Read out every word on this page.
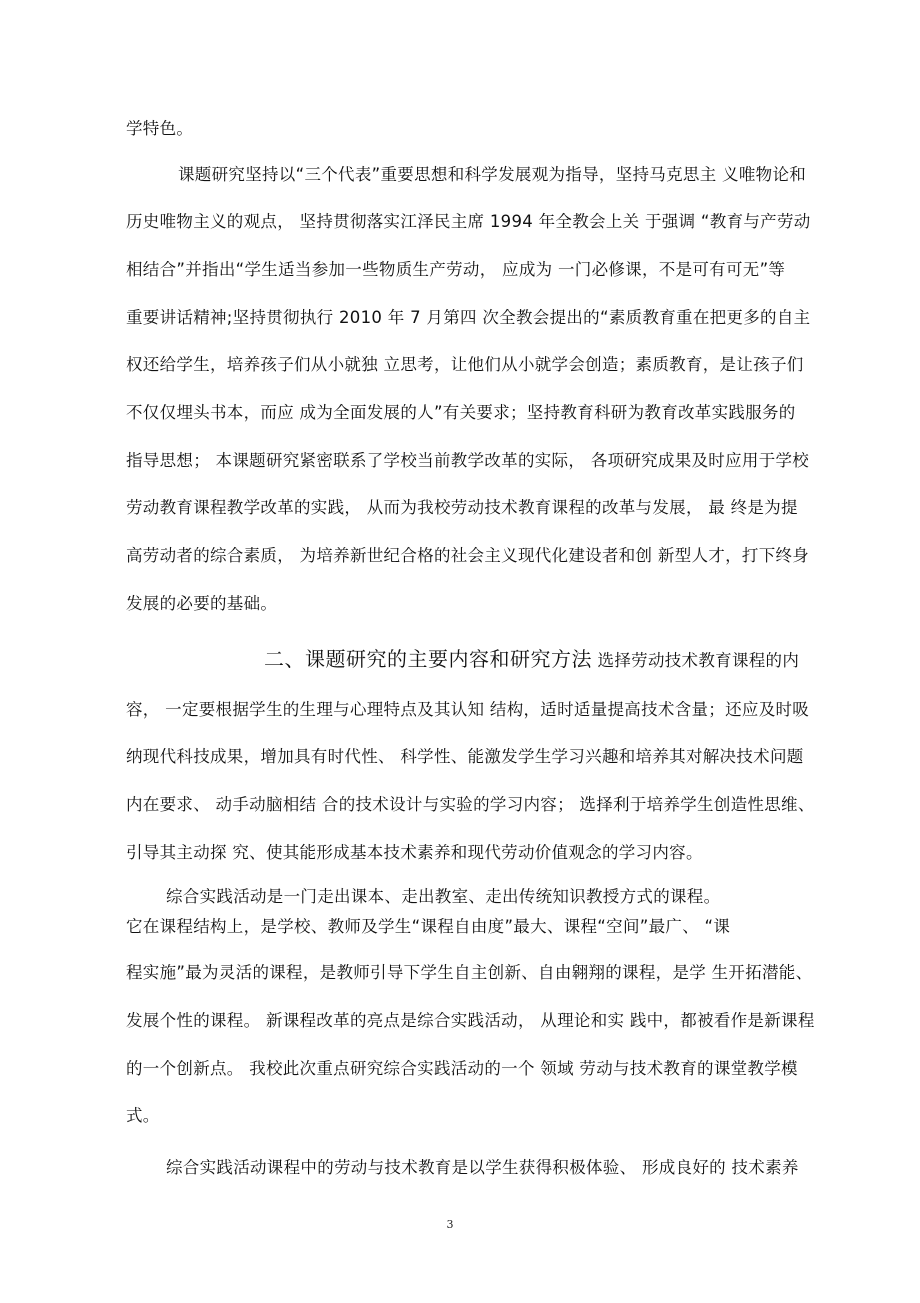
学特色。
课题研究坚持以“三个代表”重要思想和科学发展观为指导，坚持马克思主 义唯物论和
历史唯物主义的观点， 坚持贯彻落实江泽民主席 1994 年全教会上关 于强调 “教育与产劳动
相结合”并指出“学生适当参加一些物质生产劳动， 应成为 一门必修课，不是可有可无”等
重要讲话精神;坚持贯彻执行 2010 年 7 月第四 次全教会提出的“素质教育重在把更多的自主
权还给学生，培养孩子们从小就独 立思考，让他们从小就学会创造；素质教育，是让孩子们
不仅仅埋头书本，而应 成为全面发展的人”有关要求；坚持教育科研为教育改革实践服务的
指导思想； 本课题研究紧密联系了学校当前教学改革的实际， 各项研究成果及时应用于学校
劳动教育课程教学改革的实践， 从而为我校劳动技术教育课程的改革与发展， 最 终是为提
高劳动者的综合素质， 为培养新世纪合格的社会主义现代化建设者和创 新型人才，打下终身
发展的必要的基础。
二、课题研究的主要内容和研究方法 选择劳动技术教育课程的内
容， 一定要根据学生的生理与心理特点及其认知 结构，适时适量提高技术含量；还应及时吸
纳现代科技成果，增加具有时代性、 科学性、能激发学生学习兴趣和培养其对解决技术问题
内在要求、 动手动脑相结 合的技术设计与实验的学习内容； 选择利于培养学生创造性思维、
引导其主动探 究、使其能形成基本技术素养和现代劳动价值观念的学习内容。
综合实践活动是一门走出课本、走出教室、走出传统知识教授方式的课程。
它在课程结构上，是学校、教师及学生“课程自由度”最大、课程“空间”最广、 “课
程实施”最为灵活的课程，是教师引导下学生自主创新、自由翱翔的课程，是学 生开拓潜能、
发展个性的课程。 新课程改革的亮点是综合实践活动， 从理论和实 践中，都被看作是新课程
的一个创新点。 我校此次重点研究综合实践活动的一个 领域 劳动与技术教育的课堂教学模
式。
综合实践活动课程中的劳动与技术教育是以学生获得积极体验、 形成良好的 技术素养
3
